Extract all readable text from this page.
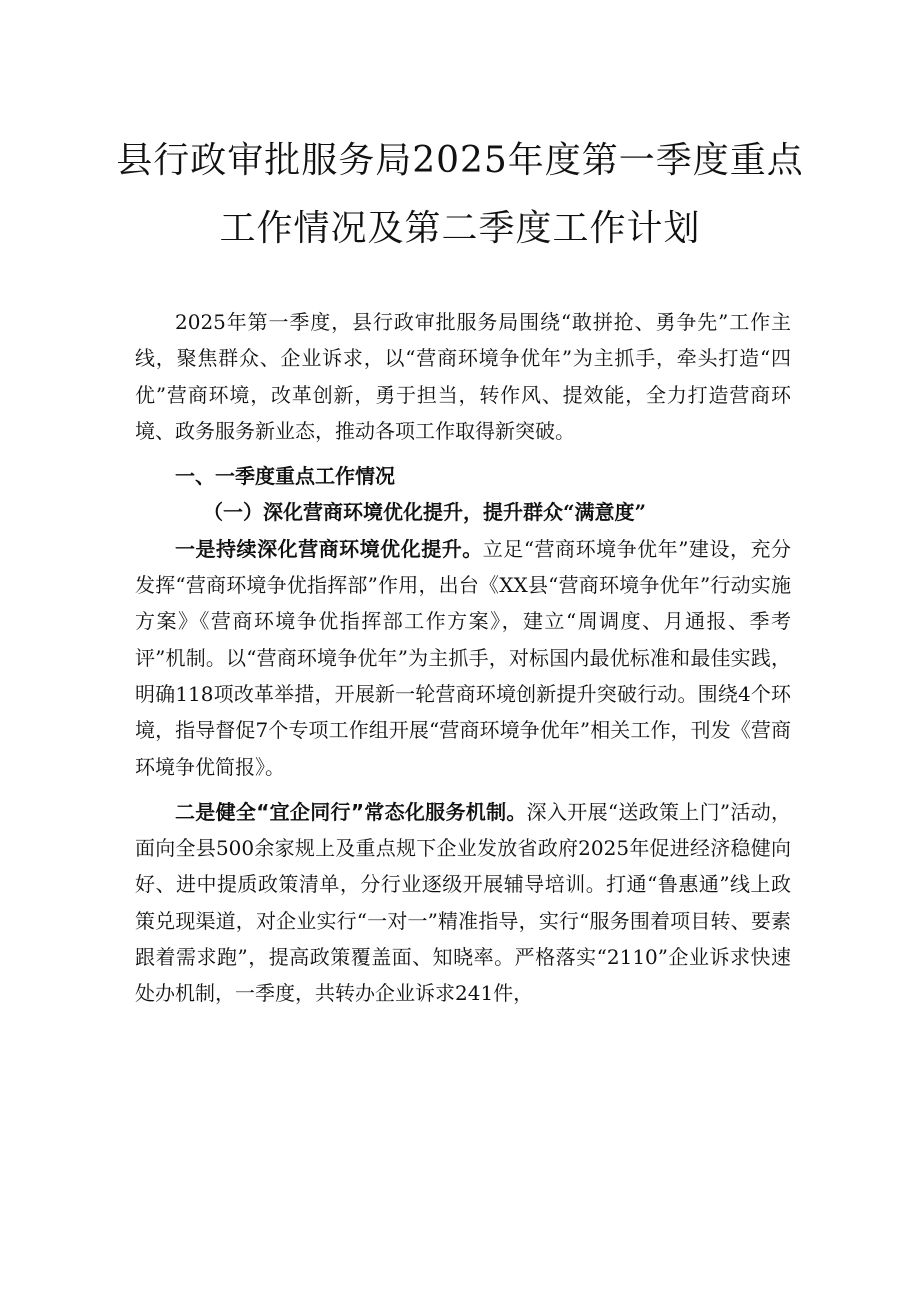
县行政审批服务局2025年度第一季度重点
工作情况及第二季度工作计划

2025年第一季度，县行政审批服务局围绕“敢拼抢、勇争先”工作主线，聚焦群众、企业诉求，以“营商环境争优年”为主抓手，牵头打造“四优”营商环境，改革创新，勇于担当，转作风、提效能，全力打造营商环境、政务服务新业态，推动各项工作取得新突破。

一、一季度重点工作情况

（一）深化营商环境优化提升，提升群众“满意度”

一是持续深化营商环境优化提升。立足“营商环境争优年”建设，充分发挥“营商环境争优指挥部”作用，出台《XX县“营商环境争优年”行动实施方案》《营商环境争优指挥部工作方案》，建立“周调度、月通报、季考评”机制。以“营商环境争优年”为主抓手，对标国内最优标准和最佳实践，明确118项改革举措，开展新一轮营商环境创新提升突破行动。围绕4个环境，指导督促7个专项工作组开展“营商环境争优年”相关工作，刊发《营商环境争优简报》。

二是健全“宜企同行”常态化服务机制。深入开展“送政策上门”活动，面向全县500余家规上及重点规下企业发放省政府2025年促进经济稳健向好、进中提质政策清单，分行业逐级开展辅导培训。打通“鲁惠通”线上政策兑现渠道，对企业实行“一对一”精准指导，实行“服务围着项目转、要素跟着需求跑”，提高政策覆盖面、知晓率。严格落实“2110”企业诉求快速处办机制，一季度，共转办企业诉求241件，
